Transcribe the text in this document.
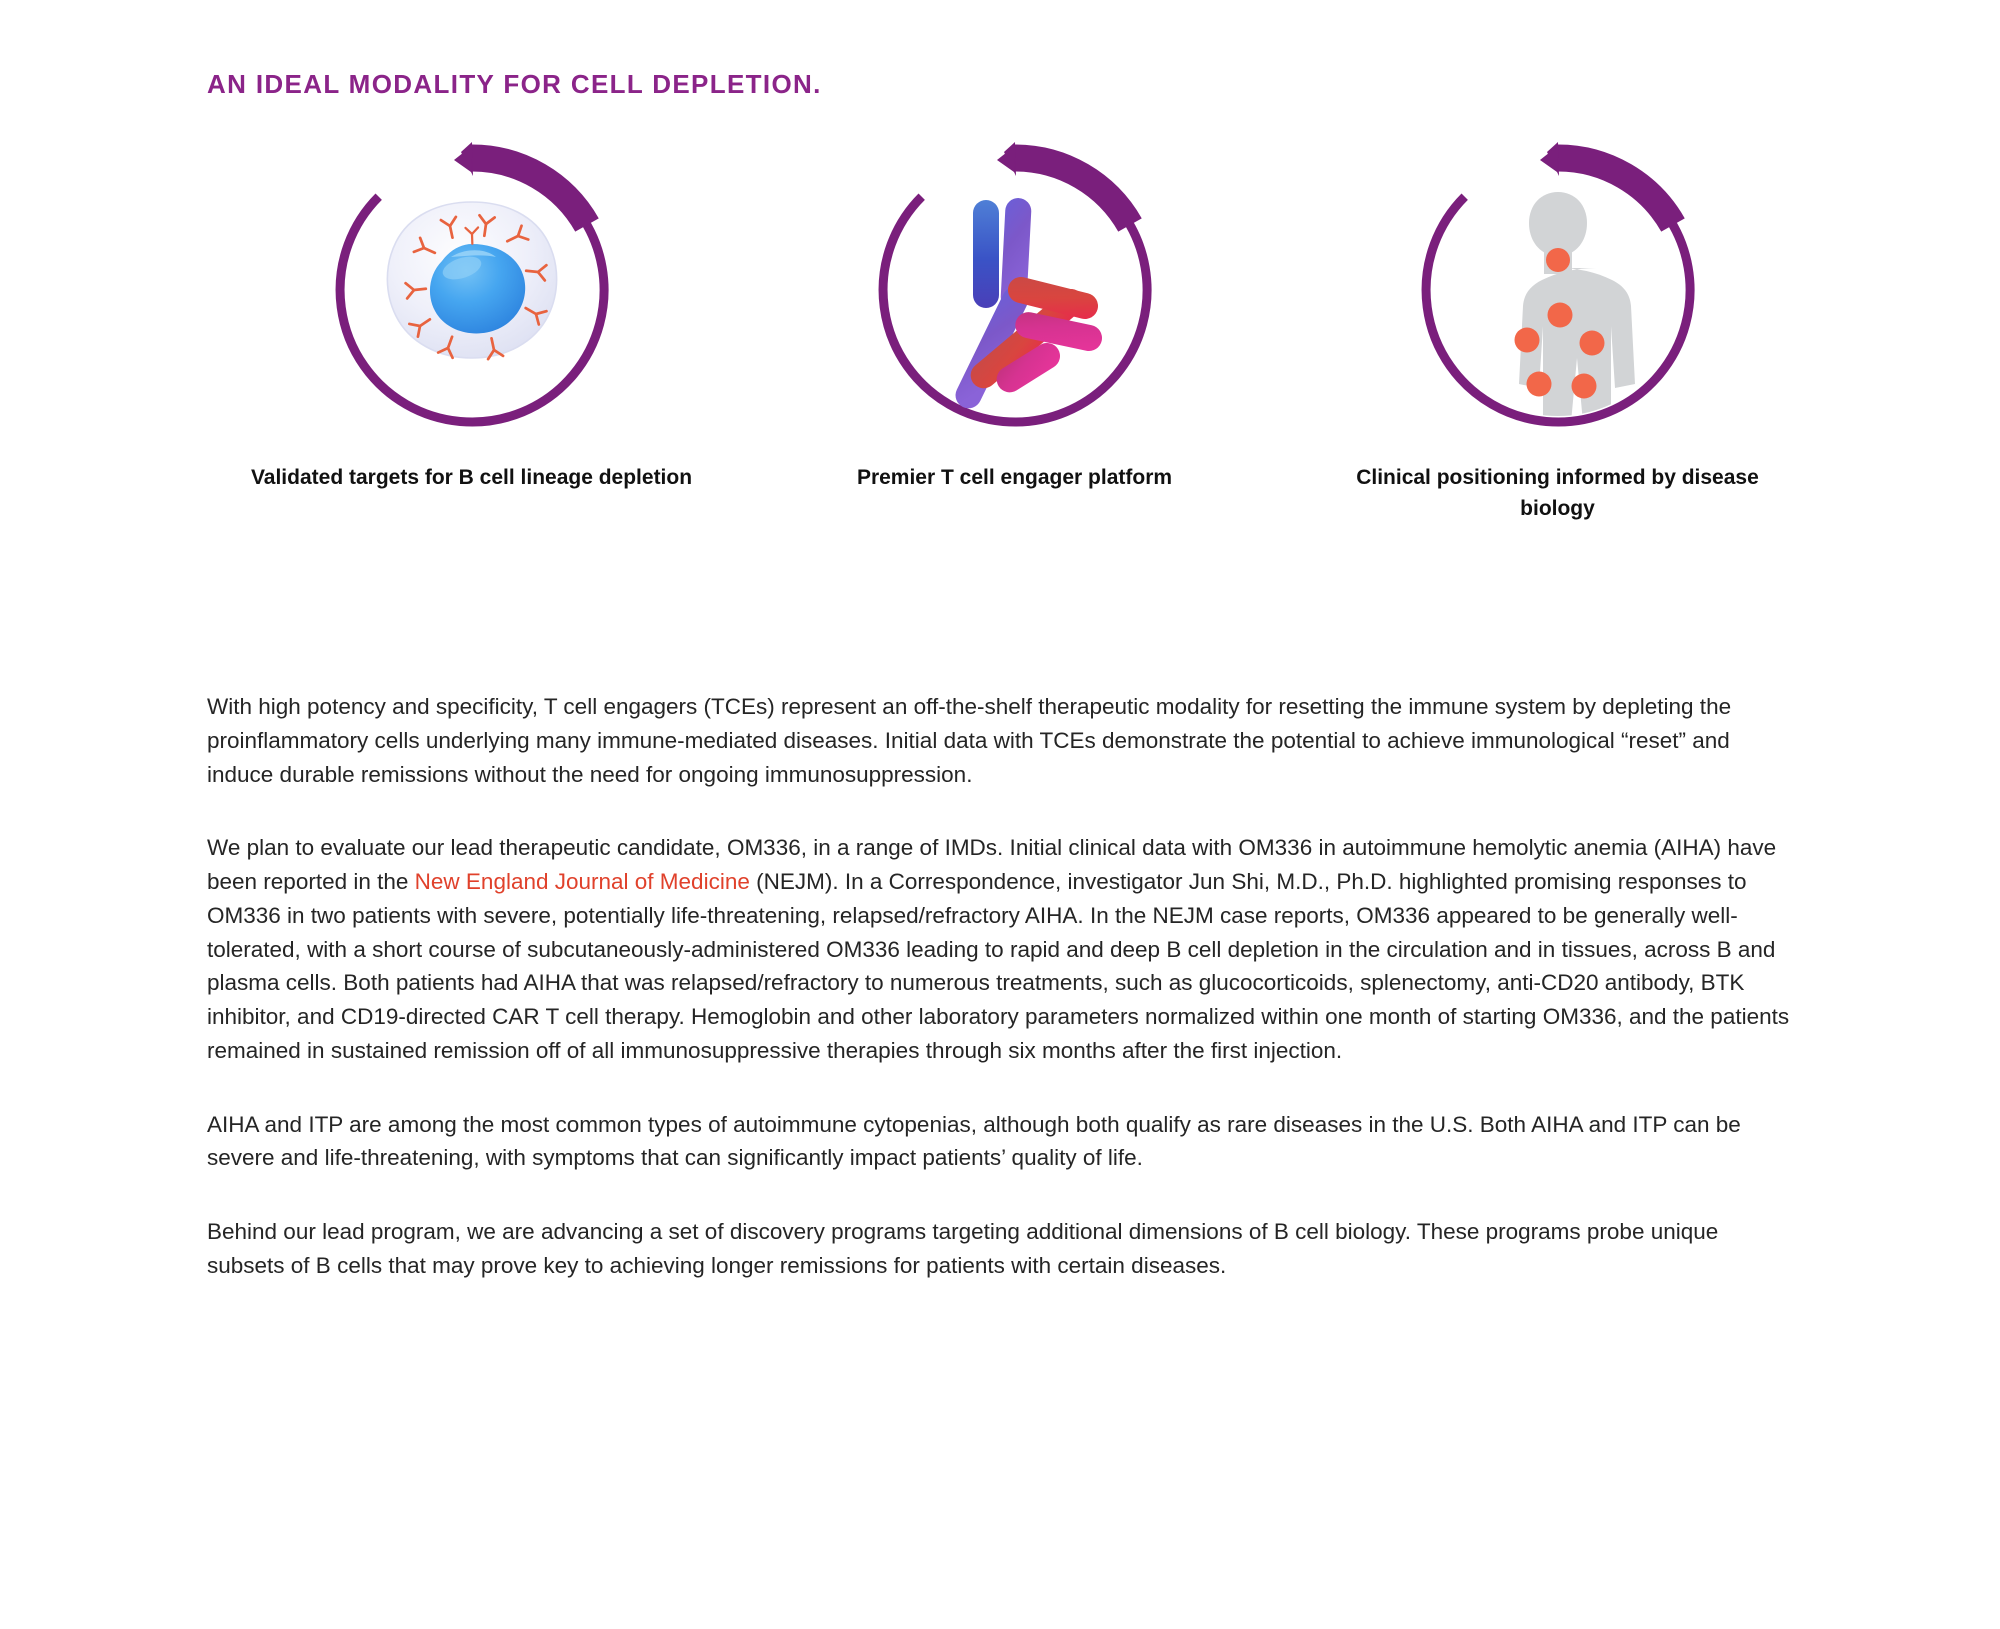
AN IDEAL MODALITY FOR CELL DEPLETION.
Validated targets for B cell lineage depletion	Premier T cell engager platform	Clinical positioning informed by disease biology

With high potency and specificity, T cell engagers (TCEs) represent an off-the-shelf therapeutic modality for resetting the immune system by depleting the proinflammatory cells underlying many immune-mediated diseases. Initial data with TCEs demonstrate the potential to achieve immunological “reset” and induce durable remissions without the need for ongoing immunosuppression.

We plan to evaluate our lead therapeutic candidate, OM336, in a range of IMDs. Initial clinical data with OM336 in autoimmune hemolytic anemia (AIHA) have been reported in the New England Journal of Medicine (NEJM). In a Correspondence, investigator Jun Shi, M.D., Ph.D. highlighted promising responses to OM336 in two patients with severe, potentially life-threatening, relapsed/refractory AIHA. In the NEJM case reports, OM336 appeared to be generally well-tolerated, with a short course of subcutaneously-administered OM336 leading to rapid and deep B cell depletion in the circulation and in tissues, across B and plasma cells. Both patients had AIHA that was relapsed/refractory to numerous treatments, such as glucocorticoids, splenectomy, anti-CD20 antibody, BTK inhibitor, and CD19-directed CAR T cell therapy. Hemoglobin and other laboratory parameters normalized within one month of starting OM336, and the patients remained in sustained remission off of all immunosuppressive therapies through six months after the first injection.

AIHA and ITP are among the most common types of autoimmune cytopenias, although both qualify as rare diseases in the U.S. Both AIHA and ITP can be severe and life-threatening, with symptoms that can significantly impact patients’ quality of life.

Behind our lead program, we are advancing a set of discovery programs targeting additional dimensions of B cell biology. These programs probe unique subsets of B cells that may prove key to achieving longer remissions for patients with certain diseases.
